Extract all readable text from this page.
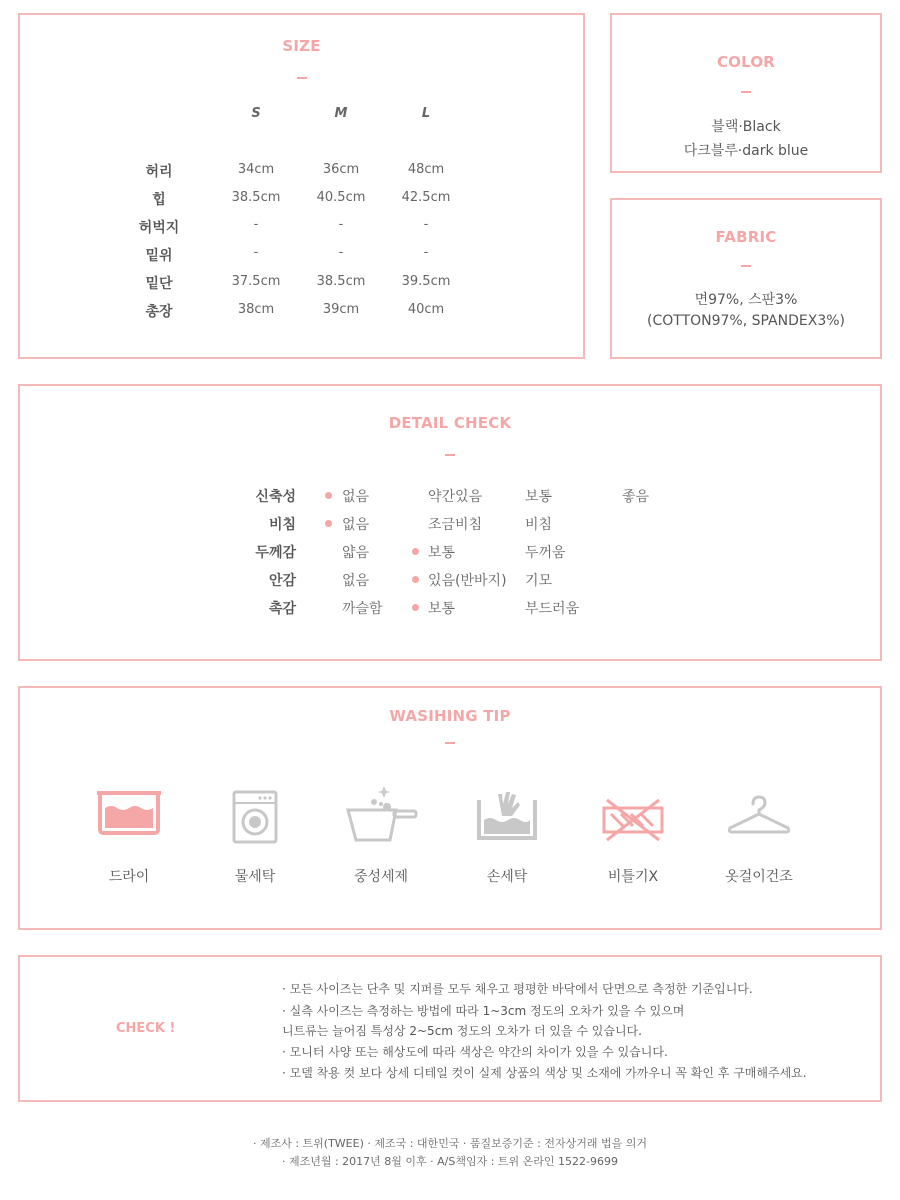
SIZE
S	M	L
허리	34cm	36cm	48cm
힙	38.5cm	40.5cm	42.5cm
허벅지	-	-	-
밑위	-	-	-
밑단	37.5cm	38.5cm	39.5cm
총장	38cm	39cm	40cm
COLOR
블랙·Black
다크블루·dark blue
FABRIC
면97%, 스판3%
(COTTON97%, SPANDEX3%)
DETAIL CHECK
신축성	없음	약간있음	보통	좋음
비침	없음	조금비침	비침
두께감	얇음	보통	두꺼움
안감	없음	있음(반바지) 기모
촉감	까슬함	보통	부드러움
WASIHING TIP
드라이	물세탁	중성세제	손세탁	비틀기X	옷걸이건조
CHECK !
· 모든 사이즈는 단추 및 지퍼를 모두 채우고 평평한 바닥에서 단면으로 측정한 기준입니다.
· 실측 사이즈는 측정하는 방법에 따라 1~3cm 정도의 오차가 있을 수 있으며
니트류는 늘어짐 특성상 2~5cm 정도의 오차가 더 있을 수 있습니다.
· 모니터 사양 또는 해상도에 따라 색상은 약간의 차이가 있을 수 있습니다.
· 모델 착용 컷 보다 상세 디테일 컷이 실제 상품의 색상 및 소재에 가까우니 꼭 확인 후 구매해주세요.
· 제조사 : 트위(TWEE) · 제조국 : 대한민국 · 품질보증기준 : 전자상거래 법을 의거
· 제조년월 : 2017년 8월 이후 · A/S책임자 : 트위 온라인 1522-9699
